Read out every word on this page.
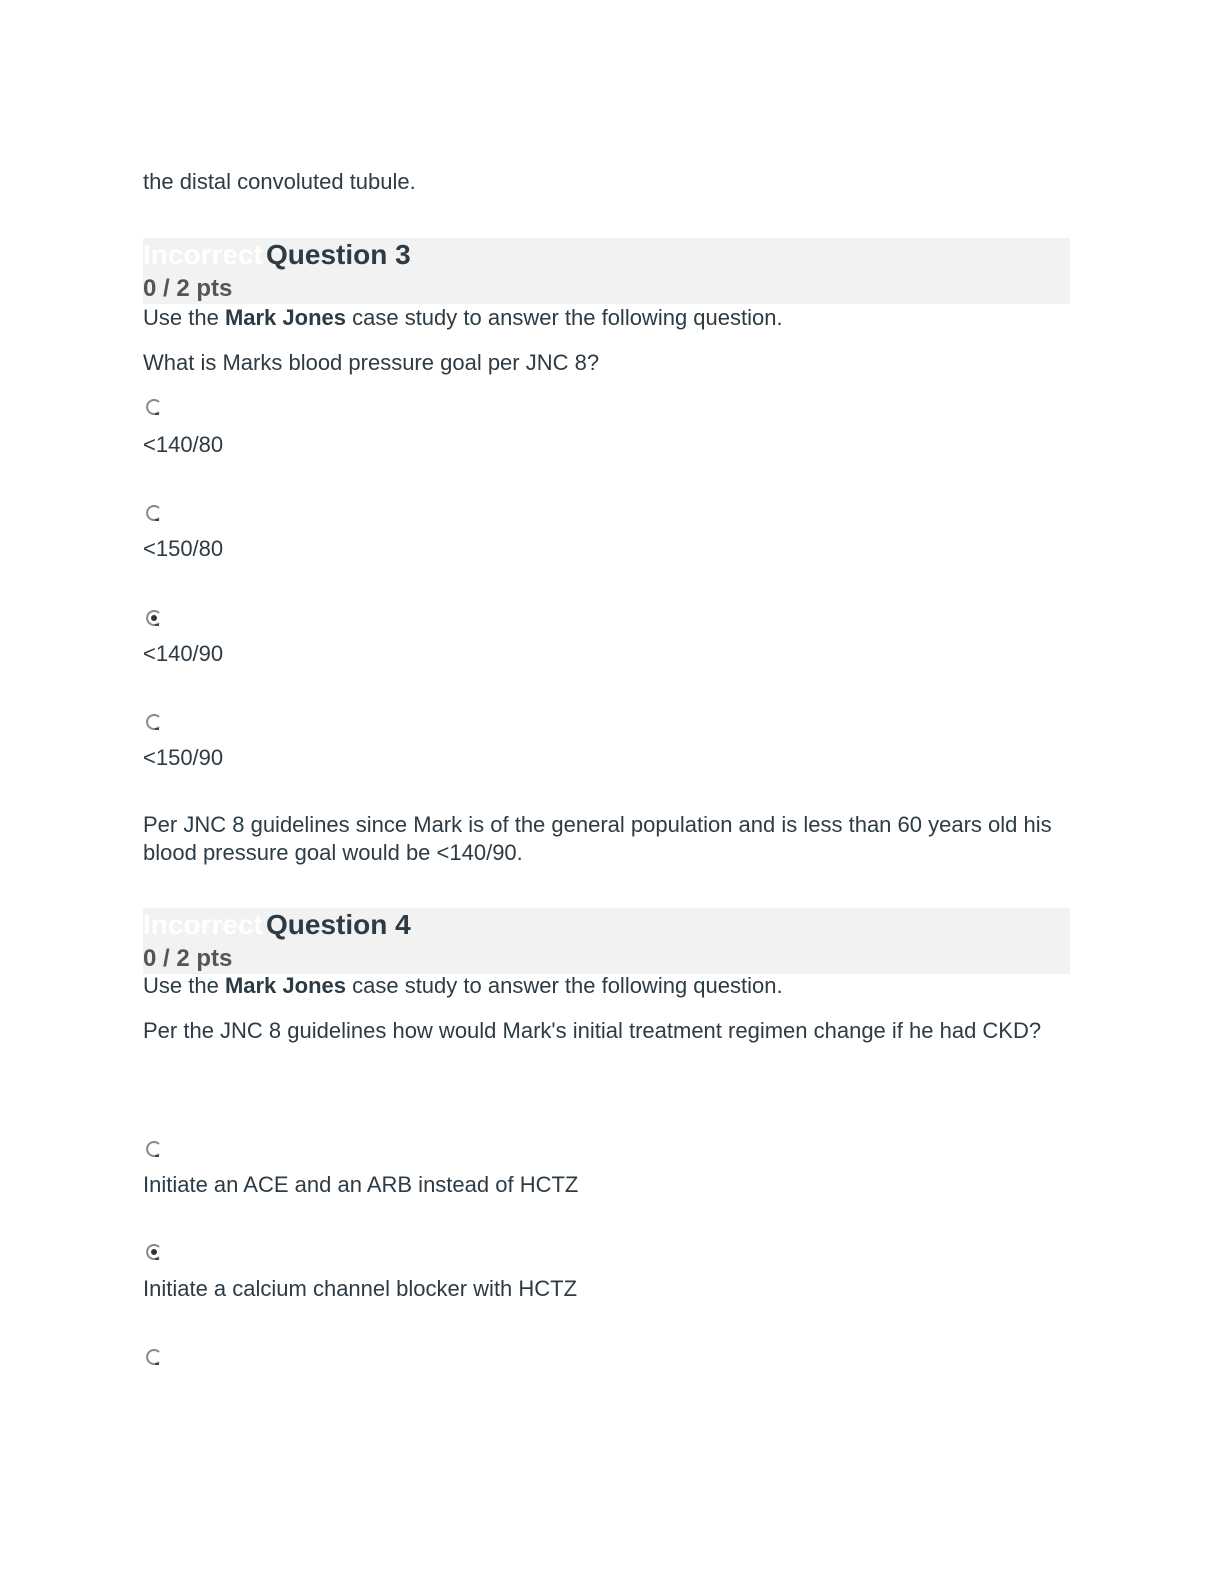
the distal convoluted tubule.
Incorrect Question 3
0 / 2 pts
Use the Mark Jones case study to answer the following question.
What is Marks blood pressure goal per JNC 8?
<140/80
<150/80
<140/90
<150/90
Per JNC 8 guidelines since Mark is of the general population and is less than 60 years old his blood pressure goal would be <140/90.
Incorrect Question 4
0 / 2 pts
Use the Mark Jones case study to answer the following question.
Per the JNC 8 guidelines how would Mark's initial treatment regimen change if he had CKD?
Initiate an ACE and an ARB instead of HCTZ
Initiate a calcium channel blocker with HCTZ
